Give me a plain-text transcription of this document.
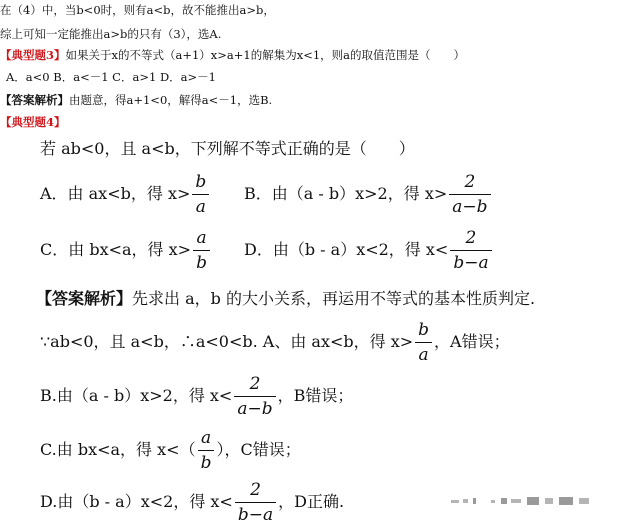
在（4）中，当b<0时，则有a<b，故不能推出a>b，
综上可知一定能推出a>b的只有（3），选A.
【典型题3】如果关于x的不等式（a+1）x>a+1的解集为x<1，则a的取值范围是（　　）
A．a<0 B．a<－1 C．a>1 D．a>－1
【答案解析】由题意，得a+1<0，解得a<－1，选B.
【典型题4】
若 ab<0，且 a<b，下列解不等式正确的是（　　）
A．由 ax<b，得 $x> \frac{b}{a}$ B．由（a - b）x>2，得 $x> \frac{2}{a-b}$
C．由 bx<a，得 $x> \frac{a}{b}$ D．由（b - a）x<2，得 $x< \frac{2}{b-a}$
【答案解析】先求出 a，b 的大小关系，再运用不等式的基本性质判定.
∵ab<0，且 a<b，∴a<0<b. A、由 ax<b，得 $x> \frac{b}{a}$ ，A错误；
B.由（a - b）x>2，得 $x< \frac{2}{a-b}$ ，B错误；
C.由 bx<a，得 $x<( \frac{a}{b}$ ），C错误；
D.由（b - a）x<2，得 $x< \frac{2}{b-a}$ ，D正确.
